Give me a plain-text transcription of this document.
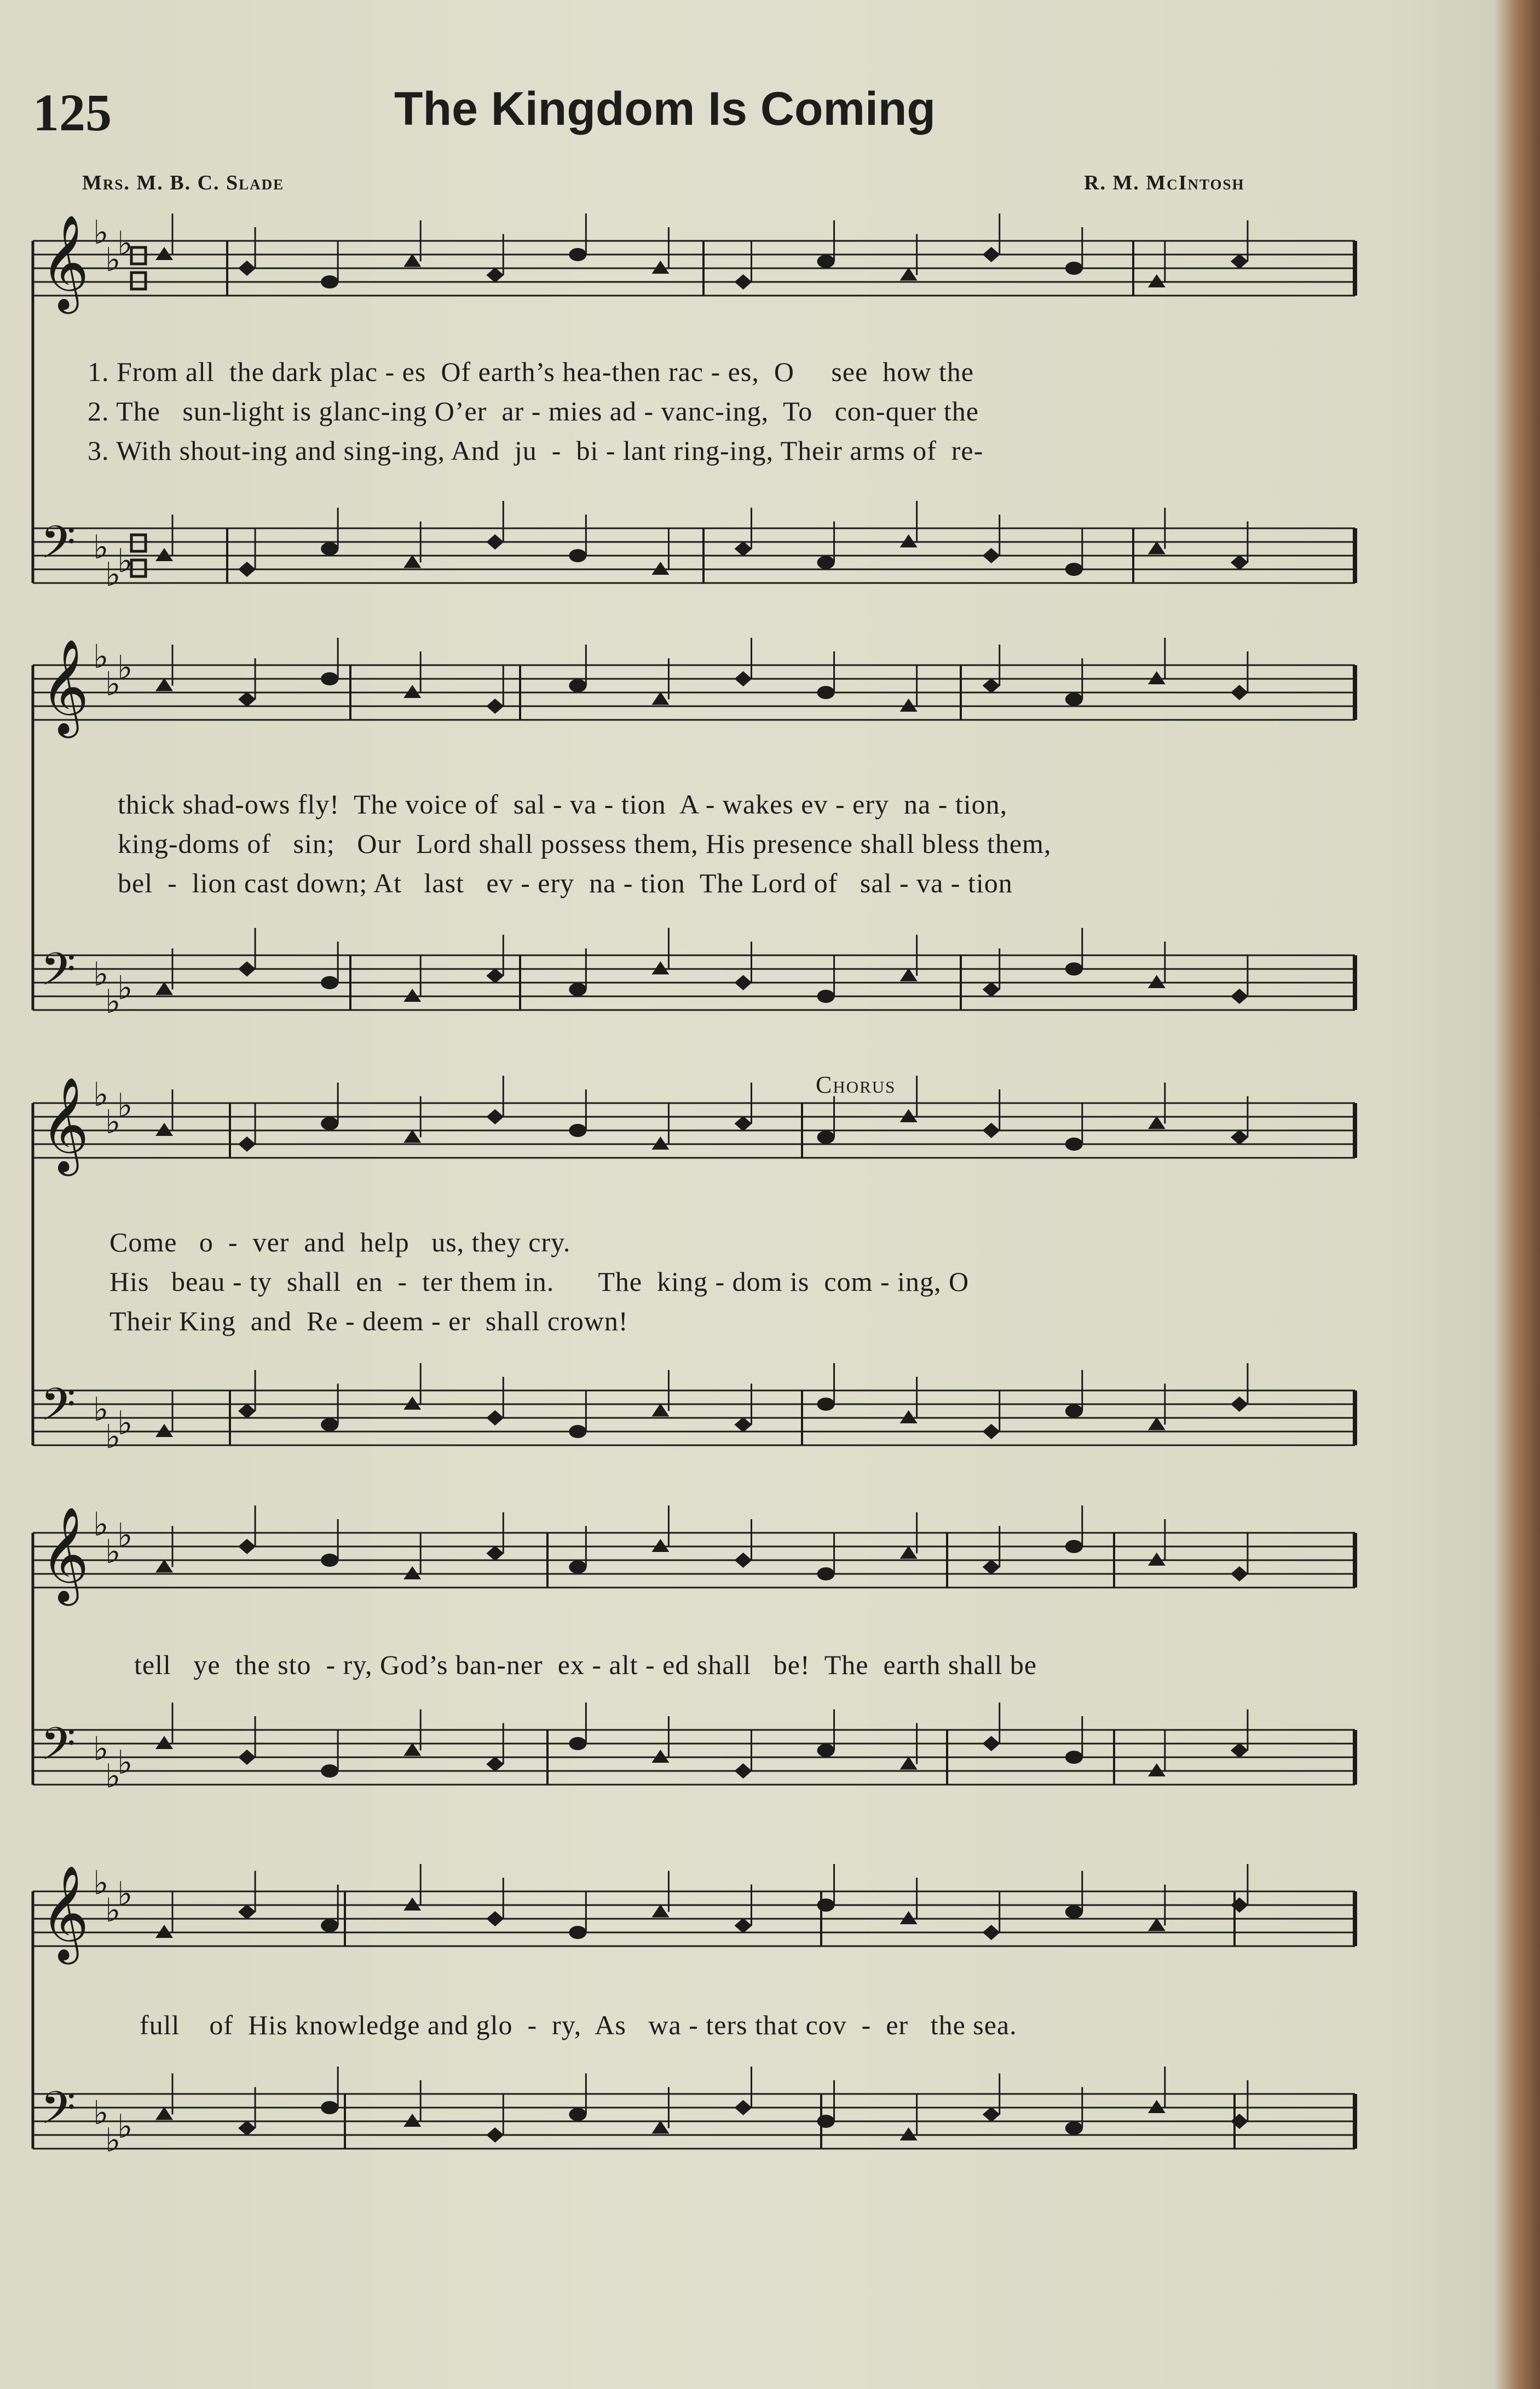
125	The Kingdom Is Coming
Mrs. M. B. C. Slade	R. M. McIntosh
𝄞 ♭
♭
♭
𝄢 ♭
♭
♭
𝄞 ♭
♭
♭
𝄢 ♭
♭
♭
𝄞 ♭
♭
♭
𝄢 ♭
♭
♭
𝄞 ♭
♭
♭
𝄢 ♭
♭
♭
𝄞 ♭
♭
♭
𝄢 ♭
♭
♭
Chorus
1. From all  the dark plac - es  Of earth’s hea-then rac - es,  O     see  how the
2. The   sun-light is glanc-ing O’er  ar - mies ad - vanc-ing,  To   con-quer the
3. With shout-ing and sing-ing, And  ju  -  bi - lant ring-ing, Their arms of  re-
thick shad-ows fly!  The voice of  sal - va - tion  A - wakes ev - ery  na - tion,
king-doms of   sin;   Our  Lord shall possess them, His presence shall bless them,
bel  -  lion cast down; At   last   ev - ery  na - tion  The Lord of   sal - va - tion
Come   o  -  ver  and  help   us, they cry.
His   beau - ty  shall  en  -  ter them in.      The  king - dom is  com - ing, O
Their King  and  Re - deem - er  shall crown!
tell   ye  the sto  - ry, God’s ban-ner  ex - alt - ed shall   be!  The  earth shall be
full    of  His knowledge and glo  -  ry,  As   wa - ters that cov  -  er   the sea.
